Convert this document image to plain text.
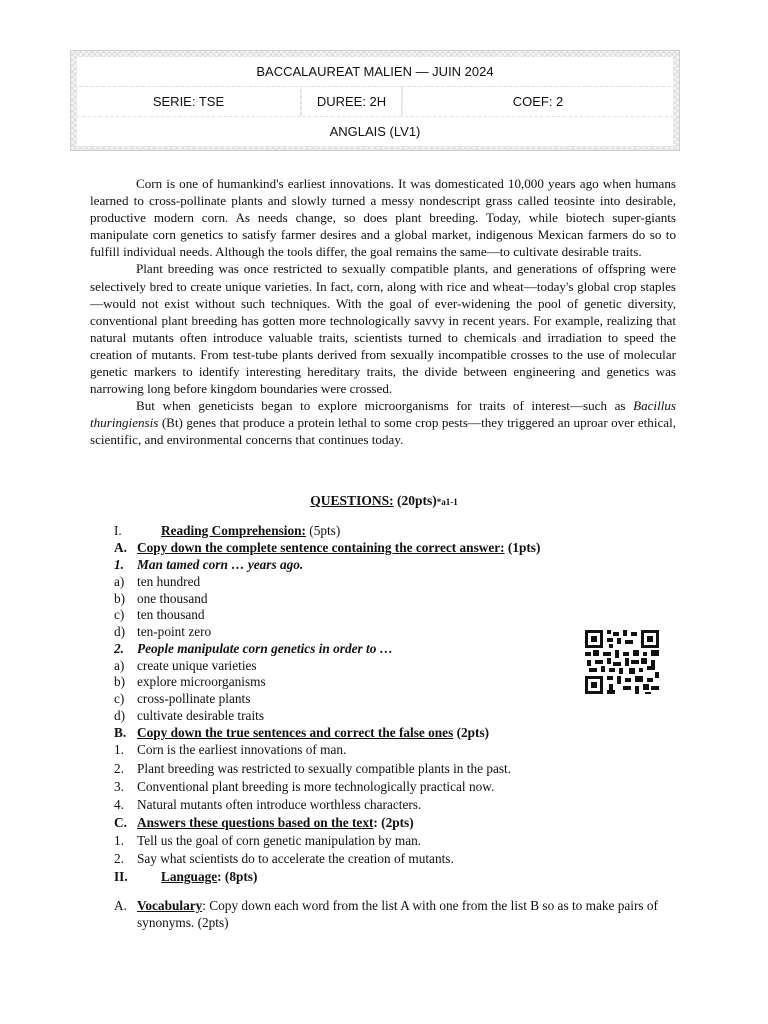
BACCALAUREAT MALIEN — JUIN 2024
SERIE: TSE	DUREE: 2H	COEF: 2
ANGLAIS (LV1)

Corn is one of humankind's earliest innovations. It was domesticated 10,000 years ago when humans learned to cross-pollinate plants and slowly turned a messy nondescript grass called teosinte into desirable, productive modern corn. As needs change, so does plant breeding. Today, while biotech super-giants manipulate corn genetics to satisfy farmer desires and a global market, indigenous Mexican farmers do so to fulfill individual needs. Although the tools differ, the goal remains the same—to cultivate desirable traits.

Plant breeding was once restricted to sexually compatible plants, and generations of offspring were selectively bred to create unique varieties. In fact, corn, along with rice and wheat—today's global crop staples—would not exist without such techniques. With the goal of ever-widening the pool of genetic diversity, conventional plant breeding has gotten more technologically savvy in recent years. For example, realizing that natural mutants often introduce valuable traits, scientists turned to chemicals and irradiation to speed the creation of mutants. From test-tube plants derived from sexually incompatible crosses to the use of molecular genetic markers to identify interesting hereditary traits, the divide between engineering and genetics was narrowing long before kingdom boundaries were crossed.

But when geneticists began to explore microorganisms for traits of interest—such as Bacillus thuringiensis (Bt) genes that produce a protein lethal to some crop pests—they triggered an uproar over ethical, scientific, and environmental concerns that continues today.

QUESTIONS: (20pts)*a1-1
I.	Reading Comprehension: (5pts)
A. Copy down the complete sentence containing the correct answer: (1pts)
1. Man tamed corn … years ago.
a) ten hundred
b) one thousand
c) ten thousand
d) ten-point zero
2. People manipulate corn genetics in order to …
a) create unique varieties
b) explore microorganisms
c) cross-pollinate plants
d) cultivate desirable traits
B. Copy down the true sentences and correct the false ones (2pts)
1. Corn is the earliest innovations of man.
2. Plant breeding was restricted to sexually compatible plants in the past.
3. Conventional plant breeding is more technologically practical now.
4. Natural mutants often introduce worthless characters.
C. Answers these questions based on the text: (2pts)
1. Tell us the goal of corn genetic manipulation by man.
2. Say what scientists do to accelerate the creation of mutants.
II.	Language: (8pts)
A. Vocabulary: Copy down each word from the list A with one from the list B so as to make pairs of synonyms. (2pts)
